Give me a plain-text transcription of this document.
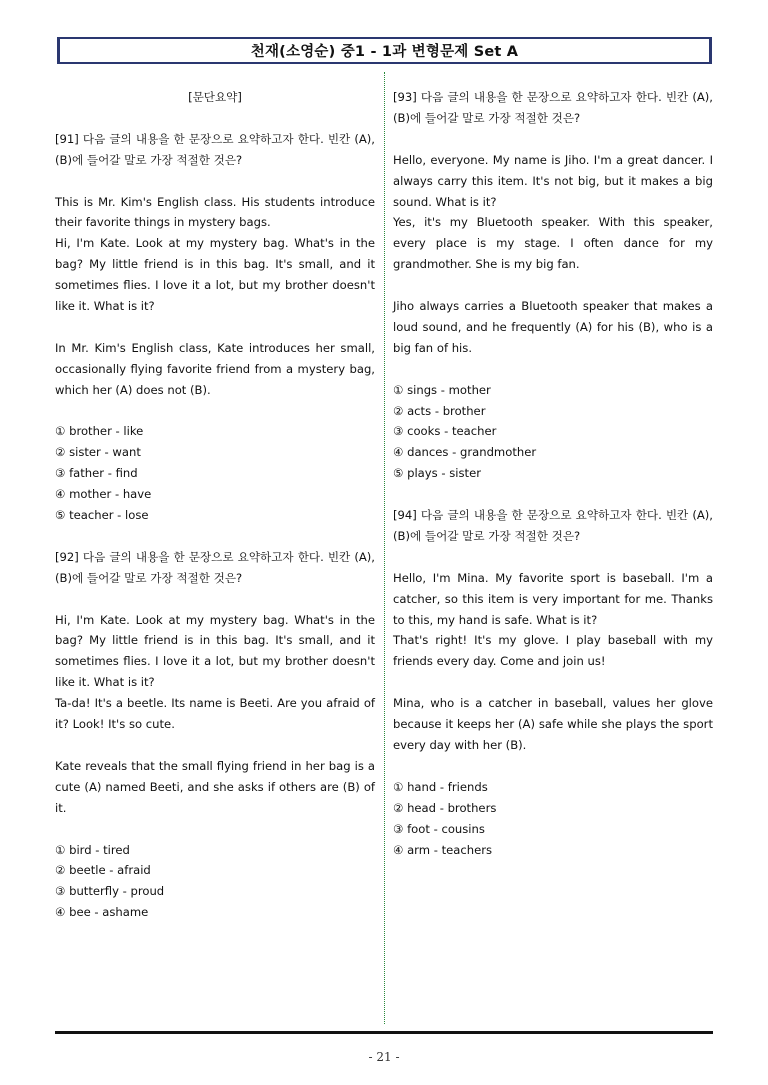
천재(소영순) 중1 - 1과 변형문제 Set A

[문단요약]

[91] 다음 글의 내용을 한 문장으로 요약하고자 한다. 빈칸 (A), (B)에 들어갈 말로 가장 적절한 것은?

This is Mr. Kim's English class. His students introduce their favorite things in mystery bags.

Hi, I'm Kate. Look at my mystery bag. What's in the bag? My little friend is in this bag. It's small, and it sometimes flies. I love it a lot, but my brother doesn't like it. What is it?

In Mr. Kim's English class, Kate introduces her small, occasionally flying favorite friend from a mystery bag, which her (A) does not (B).

① brother - like
② sister - want
③ father - find
④ mother - have
⑤ teacher - lose

[92] 다음 글의 내용을 한 문장으로 요약하고자 한다. 빈칸 (A), (B)에 들어갈 말로 가장 적절한 것은?

Hi, I'm Kate. Look at my mystery bag. What's in the bag? My little friend is in this bag. It's small, and it sometimes flies. I love it a lot, but my brother doesn't like it. What is it?

Ta-da! It's a beetle. Its name is Beeti. Are you afraid of it? Look! It's so cute.

Kate reveals that the small flying friend in her bag is a cute (A) named Beeti, and she asks if others are (B) of it.

① bird - tired
② beetle - afraid
③ butterfly - proud
④ bee - ashame

[93] 다음 글의 내용을 한 문장으로 요약하고자 한다. 빈칸 (A), (B)에 들어갈 말로 가장 적절한 것은?

Hello, everyone. My name is Jiho. I'm a great dancer. I always carry this item. It's not big, but it makes a big sound. What is it?

Yes, it's my Bluetooth speaker. With this speaker, every place is my stage. I often dance for my grandmother. She is my big fan.

Jiho always carries a Bluetooth speaker that makes a loud sound, and he frequently (A) for his (B), who is a big fan of his.

① sings - mother
② acts - brother
③ cooks - teacher
④ dances - grandmother
⑤ plays - sister

[94] 다음 글의 내용을 한 문장으로 요약하고자 한다. 빈칸 (A), (B)에 들어갈 말로 가장 적절한 것은?

Hello, I'm Mina. My favorite sport is baseball. I'm a catcher, so this item is very important for me. Thanks to this, my hand is safe. What is it?

That's right! It's my glove. I play baseball with my friends every day. Come and join us!

Mina, who is a catcher in baseball, values her glove because it keeps her (A) safe while she plays the sport every day with her (B).

① hand - friends
② head - brothers
③ foot - cousins
④ arm - teachers
- 21 -
